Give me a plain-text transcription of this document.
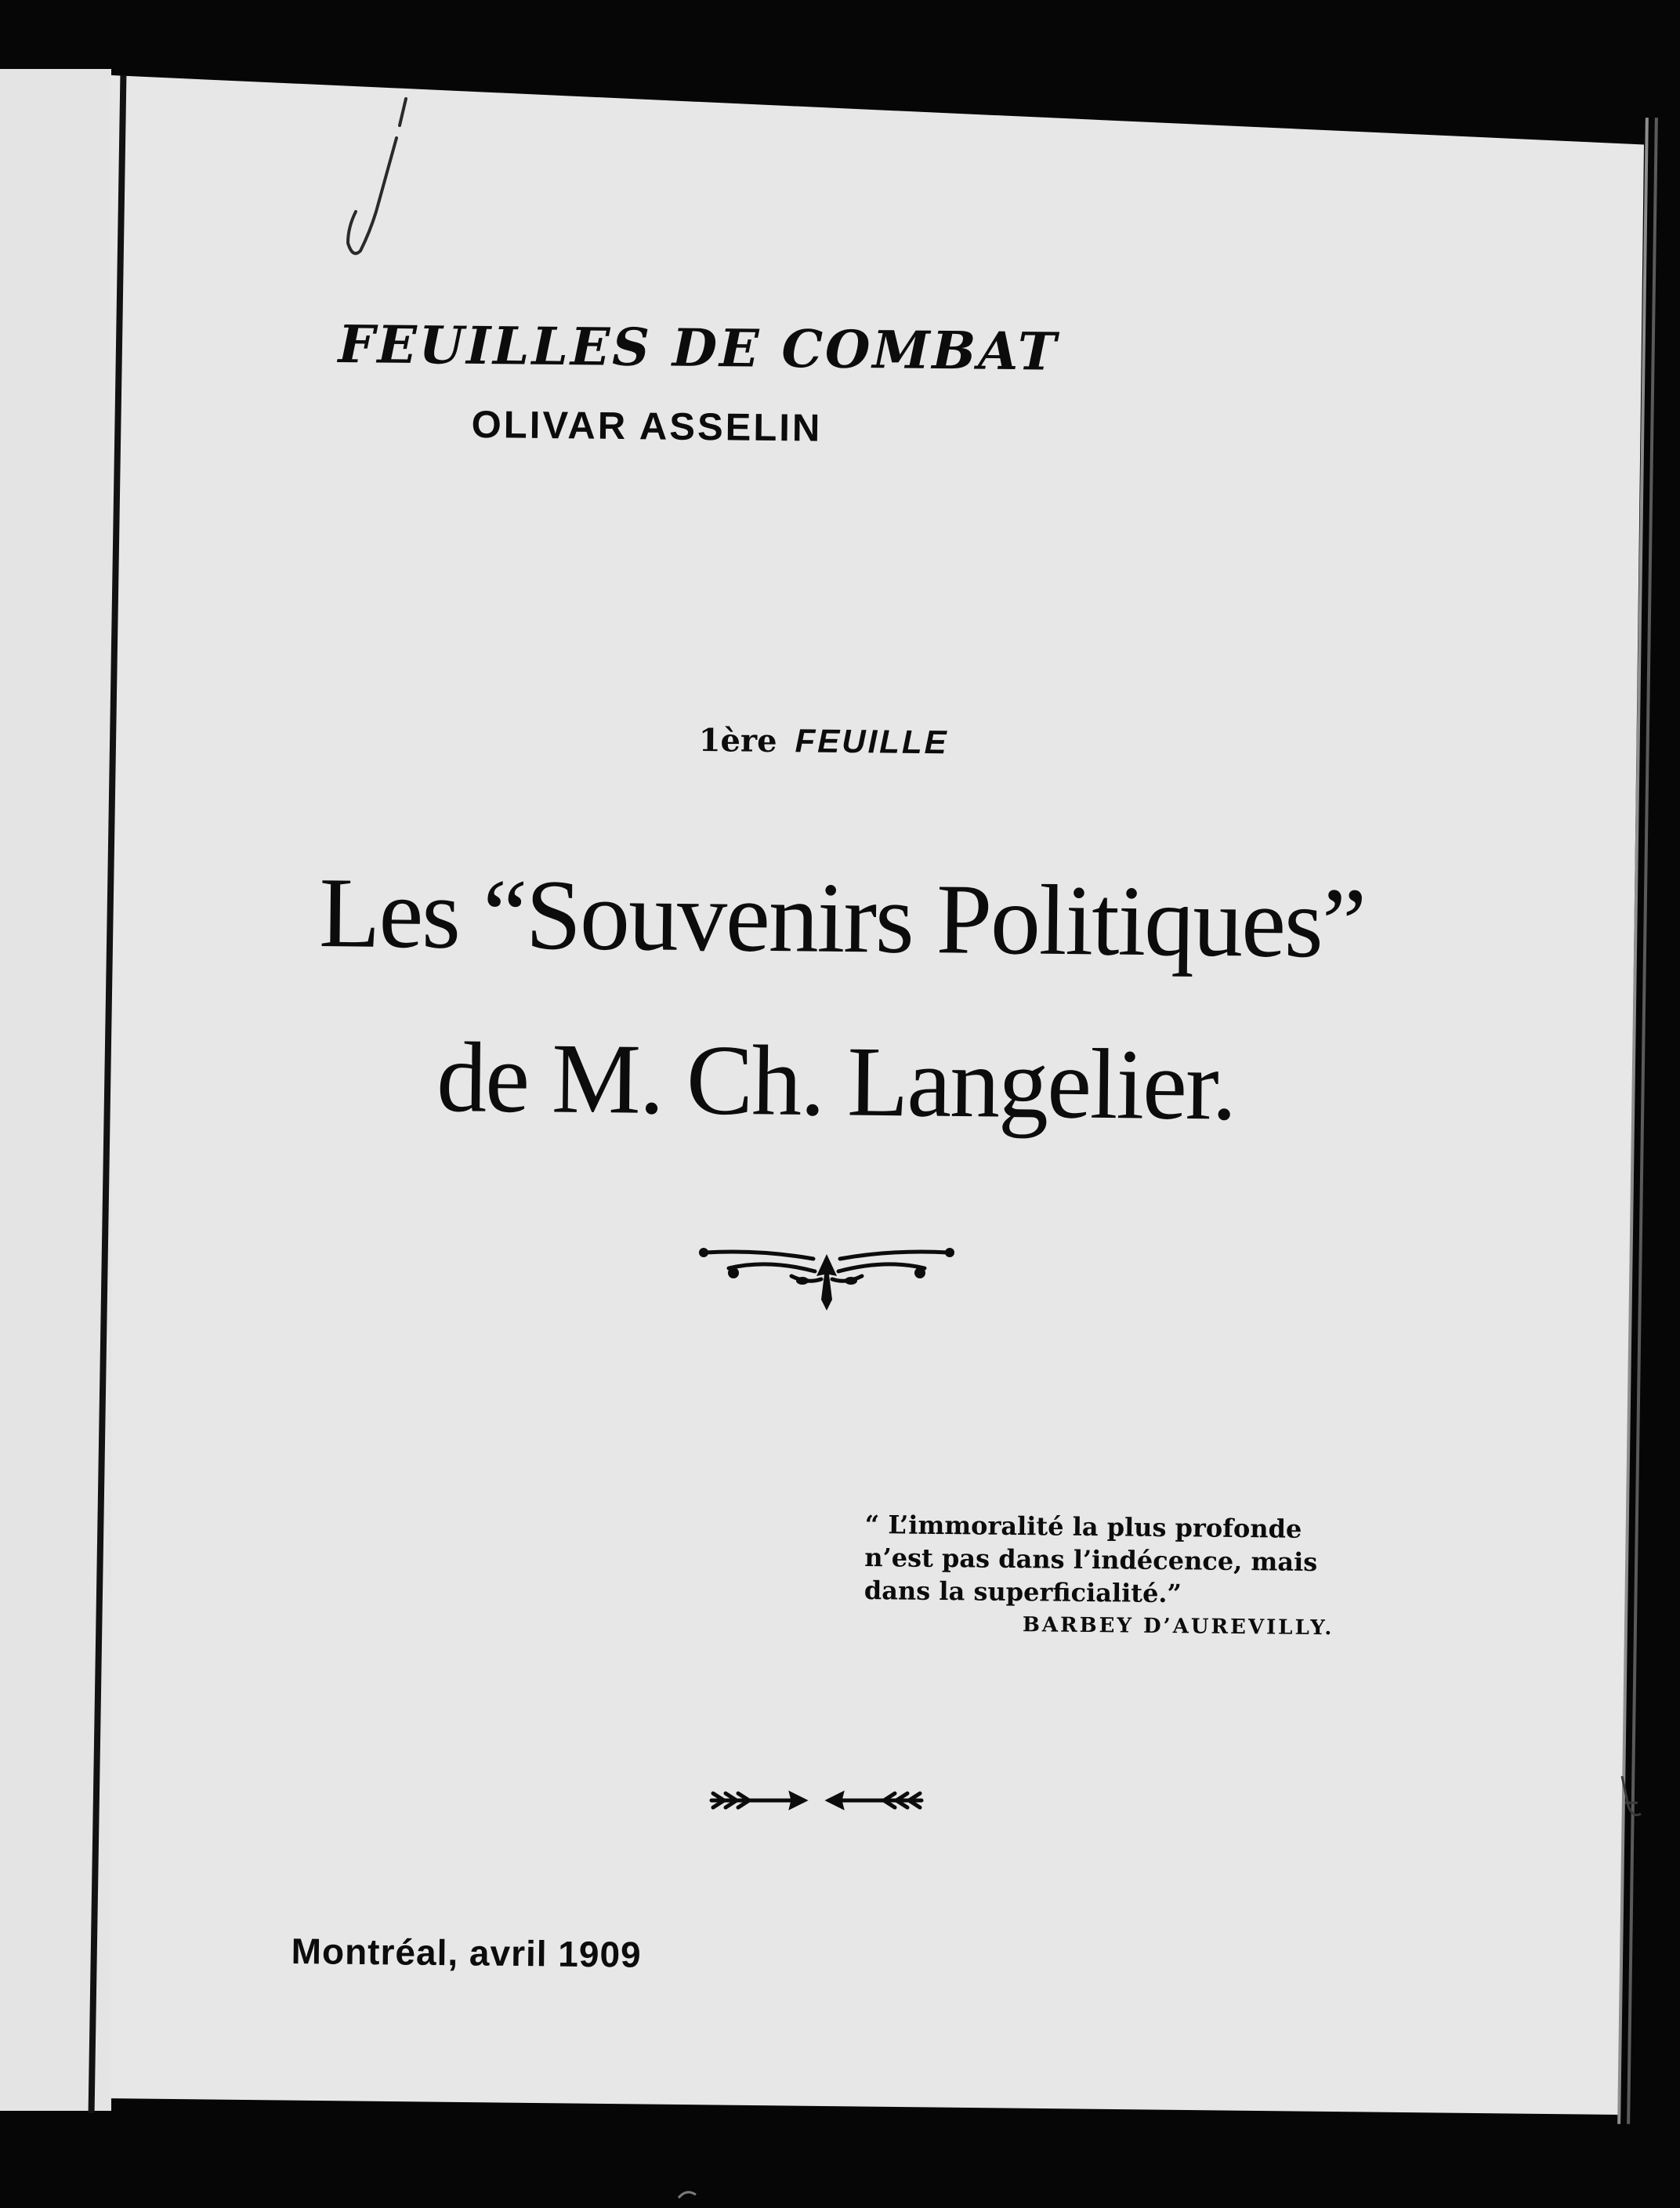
FEUILLES DE COMBAT
OLIVAR ASSELIN
1ère FEUILLE
Les “Souvenirs Politiques”
de M. Ch. Langelier.
“ L’immoralité la plus profonde
n’est pas dans l’indécence, mais
dans la superficialité.”
BARBEY D’AUREVILLY.
Montréal, avril 1909
